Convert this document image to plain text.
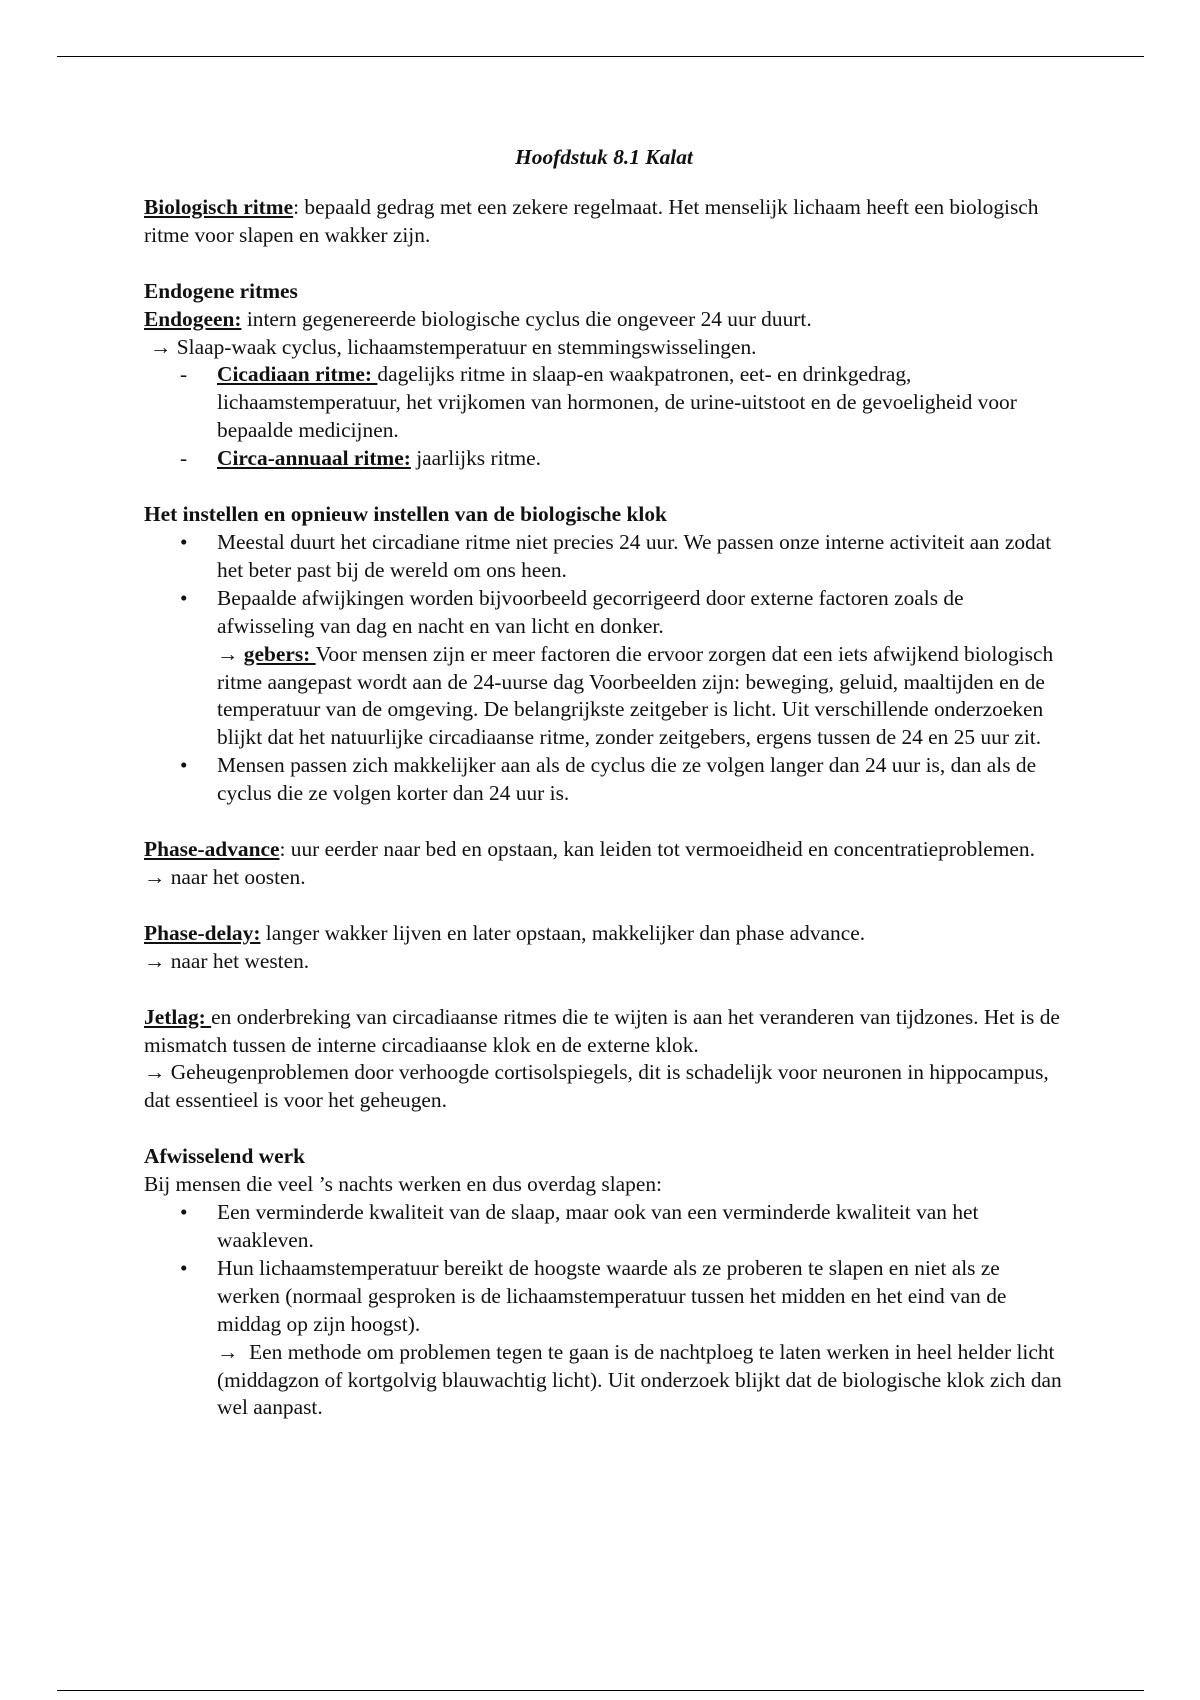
Hoofdstuk 8.1 Kalat

Biologisch ritme: bepaald gedrag met een zekere regelmaat. Het menselijk lichaam heeft een biologisch ritme voor slapen en wakker zijn.

Endogene ritmes

Endogeen: intern gegenereerde biologische cyclus die ongeveer 24 uur duurt.

→ Slaap-waak cyclus, lichaamstemperatuur en stemmingswisselingen.

- Cicadiaan ritme: dagelijks ritme in slaap-en waakpatronen, eet- en drinkgedrag, lichaamstemperatuur, het vrijkomen van hormonen, de urine-uitstoot en de gevoeligheid voor bepaalde medicijnen.
- Circa-annuaal ritme: jaarlijks ritme.

Het instellen en opnieuw instellen van de biologische klok

• Meestal duurt het circadiane ritme niet precies 24 uur. We passen onze interne activiteit aan zodat het beter past bij de wereld om ons heen.
• Bepaalde afwijkingen worden bijvoorbeeld gecorrigeerd door externe factoren zoals de afwisseling van dag en nacht en van licht en donker.
→ gebers: Voor mensen zijn er meer factoren die ervoor zorgen dat een iets afwijkend biologisch ritme aangepast wordt aan de 24-uurse dag Voorbeelden zijn: beweging, geluid, maaltijden en de temperatuur van de omgeving. De belangrijkste zeitgeber is licht. Uit verschillende onderzoeken blijkt dat het natuurlijke circadiaanse ritme, zonder zeitgebers, ergens tussen de 24 en 25 uur zit.
• Mensen passen zich makkelijker aan als de cyclus die ze volgen langer dan 24 uur is, dan als de cyclus die ze volgen korter dan 24 uur is.

Phase-advance: uur eerder naar bed en opstaan, kan leiden tot vermoeidheid en concentratieproblemen.

→ naar het oosten.

Phase-delay: langer wakker lijven en later opstaan, makkelijker dan phase advance.

→ naar het westen.

Jetlag: en onderbreking van circadiaanse ritmes die te wijten is aan het veranderen van tijdzones. Het is de mismatch tussen de interne circadiaanse klok en de externe klok.

→ Geheugenproblemen door verhoogde cortisolspiegels, dit is schadelijk voor neuronen in hippocampus, dat essentieel is voor het geheugen.

Afwisselend werk

Bij mensen die veel ’s nachts werken en dus overdag slapen:

• Een verminderde kwaliteit van de slaap, maar ook van een verminderde kwaliteit van het waakleven.
• Hun lichaamstemperatuur bereikt de hoogste waarde als ze proberen te slapen en niet als ze werken (normaal gesproken is de lichaamstemperatuur tussen het midden en het eind van de middag op zijn hoogst).
→  Een methode om problemen tegen te gaan is de nachtploeg te laten werken in heel helder licht (middagzon of kortgolvig blauwachtig licht). Uit onderzoek blijkt dat de biologische klok zich dan wel aanpast.
